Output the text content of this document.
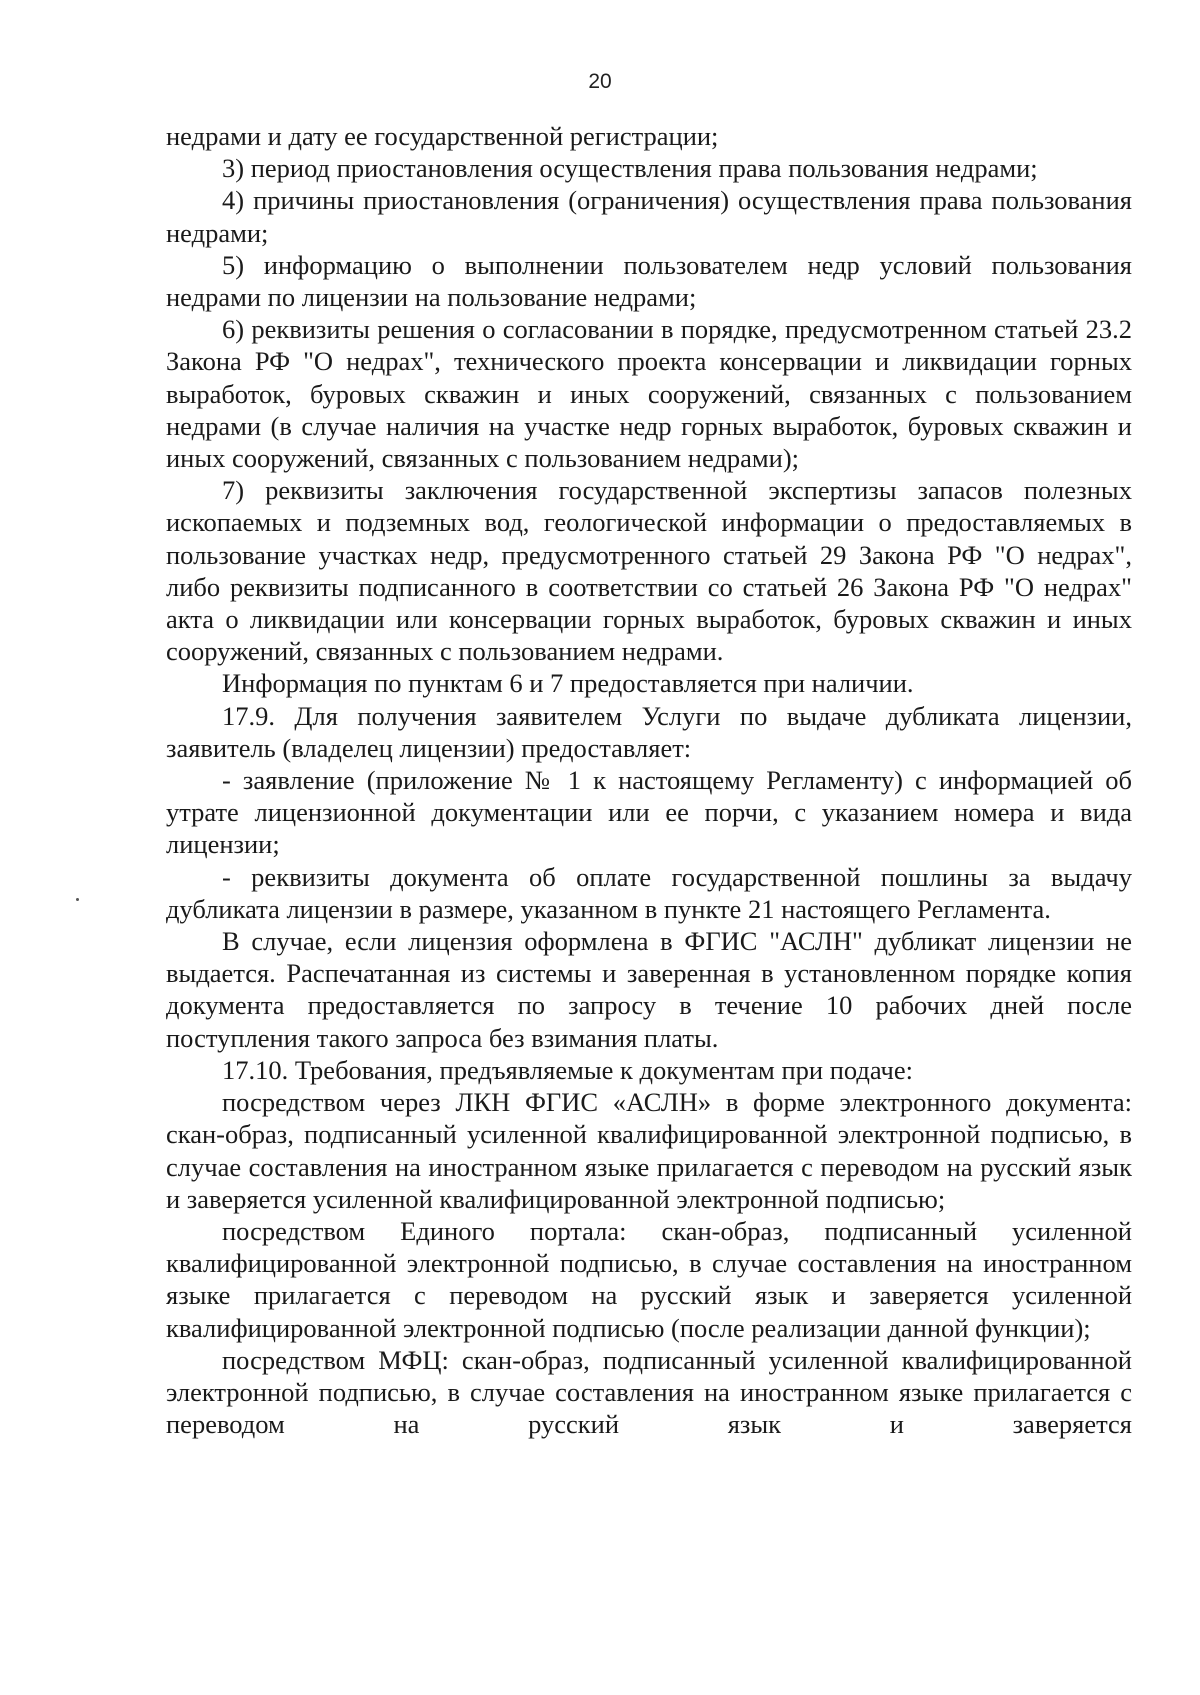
20

недрами и дату ее государственной регистрации;

3) период приостановления осуществления права пользования недрами;

4) причины приостановления (ограничения) осуществления права пользования недрами;

5) информацию о выполнении пользователем недр условий пользования недрами по лицензии на пользование недрами;

6) реквизиты решения о согласовании в порядке, предусмотренном статьей 23.2 Закона РФ "О недрах", технического проекта консервации и ликвидации горных выработок, буровых скважин и иных сооружений, связанных с пользованием недрами (в случае наличия на участке недр горных выработок, буровых скважин и иных сооружений, связанных с пользованием недрами);

7) реквизиты заключения государственной экспертизы запасов полезных ископаемых и подземных вод, геологической информации о предоставляемых в пользование участках недр, предусмотренного статьей 29 Закона РФ "О недрах", либо реквизиты подписанного в соответствии со статьей 26 Закона РФ "О недрах" акта о ликвидации или консервации горных выработок, буровых скважин и иных сооружений, связанных с пользованием недрами.

Информация по пунктам 6 и 7 предоставляется при наличии.

17.9. Для получения заявителем Услуги по выдаче дубликата лицензии, заявитель (владелец лицензии) предоставляет:

- заявление (приложение № 1 к настоящему Регламенту) с информацией об утрате лицензионной документации или ее порчи, с указанием номера и вида лицензии;

- реквизиты документа об оплате государственной пошлины за выдачу дубликата лицензии в размере, указанном в пункте 21 настоящего Регламента.

В случае, если лицензия оформлена в ФГИС "АСЛН" дубликат лицензии не выдается. Распечатанная из системы и заверенная в установленном порядке копия документа предоставляется по запросу в течение 10 рабочих дней после поступления такого запроса без взимания платы.

17.10. Требования, предъявляемые к документам при подаче:

посредством через ЛКН ФГИС «АСЛН» в форме электронного документа: скан-образ, подписанный усиленной квалифицированной электронной подписью, в случае составления на иностранном языке прилагается с переводом на русский язык и заверяется усиленной квалифицированной электронной подписью;

посредством Единого портала: скан-образ, подписанный усиленной квалифицированной электронной подписью, в случае составления на иностранном языке прилагается с переводом на русский язык и заверяется усиленной квалифицированной электронной подписью (после реализации данной функции);

посредством МФЦ: скан-образ, подписанный усиленной квалифицированной электронной подписью, в случае составления на иностранном языке прилагается с переводом на русский язык и заверяется
